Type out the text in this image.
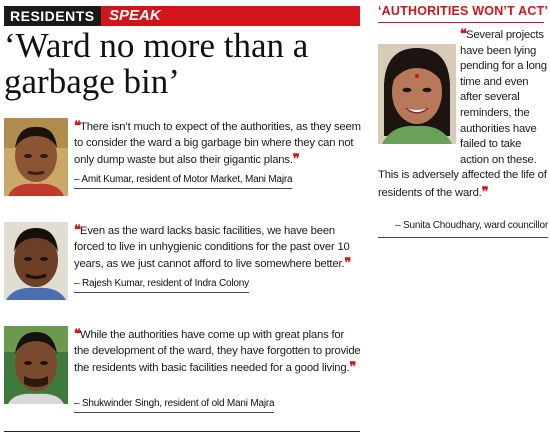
RESIDENTS SPEAK
‘Ward no more than a garbage bin’
❝There isn’t much to expect of the authorities, as they seem to consider the ward a big garbage bin where they can not only dump waste but also their gigantic plans.❞
– Amit Kumar, resident of Motor Market, Mani Majra
❝Even as the ward lacks basic facilities, we have been forced to live in unhygienic conditions for the past over 10 years, as we just cannot afford to live somewhere better.❞
– Rajesh Kumar, resident of Indra Colony
❝While the authorities have come up with great plans for the development of the ward, they have forgotten to provide the residents with basic facilities needed for a good living.❞
– Shukwinder Singh, resident of old Mani Majra
‘AUTHORITIES WON’T ACT’
❝Several projects have been lying pending for a long time and even after several reminders, the authorities have failed to take action on these. This is adversely affected the life of residents of the ward.❞
– Sunita Choudhary, ward councillor
